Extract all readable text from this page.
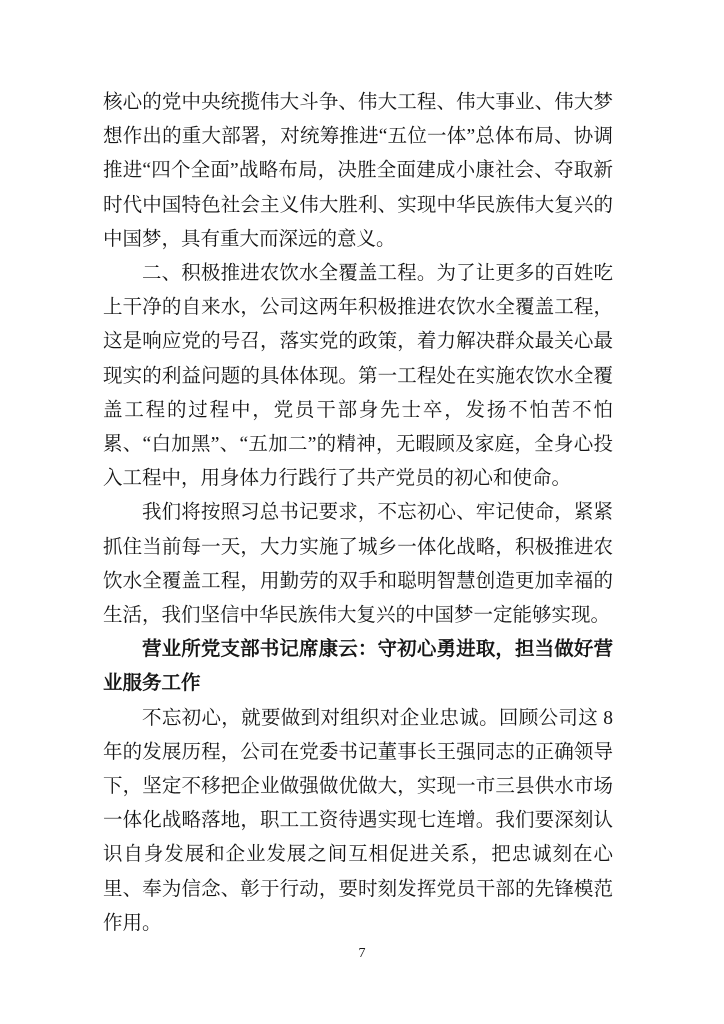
核心的党中央统揽伟大斗争、伟大工程、伟大事业、伟大梦想作出的重大部署，对统筹推进“五位一体”总体布局、协调推进“四个全面”战略布局，决胜全面建成小康社会、夺取新时代中国特色社会主义伟大胜利、实现中华民族伟大复兴的中国梦，具有重大而深远的意义。

二、积极推进农饮水全覆盖工程。为了让更多的百姓吃上干净的自来水，公司这两年积极推进农饮水全覆盖工程，这是响应党的号召，落实党的政策，着力解决群众最关心最现实的利益问题的具体体现。第一工程处在实施农饮水全覆盖工程的过程中，党员干部身先士卒，发扬不怕苦不怕累、“白加黑”、“五加二”的精神，无暇顾及家庭，全身心投入工程中，用身体力行践行了共产党员的初心和使命。

我们将按照习总书记要求，不忘初心、牢记使命，紧紧抓住当前每一天，大力实施了城乡一体化战略，积极推进农饮水全覆盖工程，用勤劳的双手和聪明智慧创造更加幸福的生活，我们坚信中华民族伟大复兴的中国梦一定能够实现。

营业所党支部书记席康云：守初心勇进取，担当做好营业服务工作

不忘初心，就要做到对组织对企业忠诚。回顾公司这 8 年的发展历程，公司在党委书记董事长王强同志的正确领导下，坚定不移把企业做强做优做大，实现一市三县供水市场一体化战略落地，职工工资待遇实现七连增。我们要深刻认识自身发展和企业发展之间互相促进关系，把忠诚刻在心里、奉为信念、彰于行动，要时刻发挥党员干部的先锋模范作用。

7
